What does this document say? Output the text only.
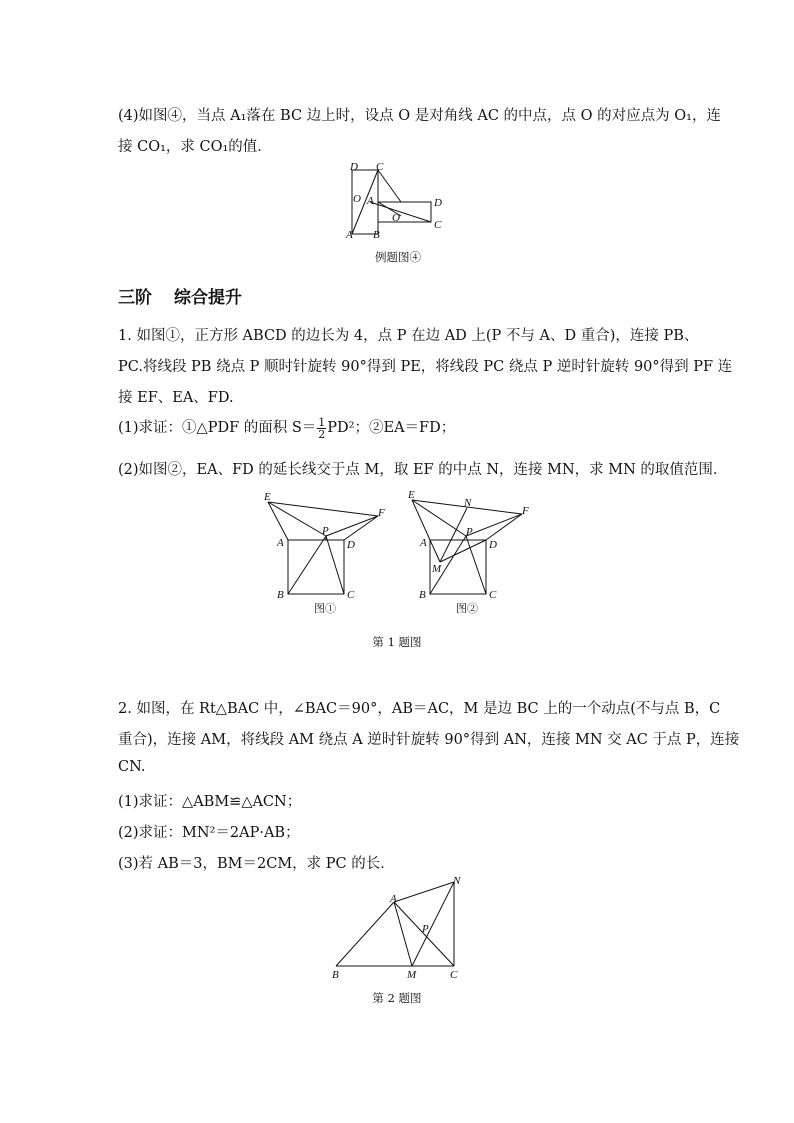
(4)如图④，当点 A₁落在 BC 边上时，设点 O 是对角线 AC 的中点，点 O 的对应点为 O₁，连
接 CO₁，求 CO₁的值．
D C
O A
A
O
B
D
C
例题图④
三阶 综合提升
1. 如图①，正方形 ABCD 的边长为 4，点 P 在边 AD 上(P 不与 A、D 重合)，连接 PB、
PC.将线段 PB 绕点 P 顺时针旋转 90°得到 PE，将线段 PC 绕点 P 逆时针旋转 90°得到 PF 连
接 EF、EA、FD.
(1)求证：①△PDF 的面积 $S= \frac{1}{2} PD^2$；②EA＝FD；
(2)如图②，EA、FD 的延长线交于点 M，取 EF 的中点 N，连接 MN，求 MN 的取值范围．
E
F
P
A	D
B	C
图①
E
N
F
P
A	D
M
B	C
图②
第 1 题图
2. 如图，在 Rt△BAC 中，∠BAC＝90°，AB＝AC，M 是边 BC 上的一个动点(不与点 B，C
重合)，连接 AM，将线段 AM 绕点 A 逆时针旋转 90°得到 AN，连接 MN 交 AC 于点 P，连接
CN.
(1)求证：△ABM≌△ACN；
(2)求证：MN²＝2AP·AB；
(3)若 AB＝3，BM＝2CM，求 PC 的长．
A
N
P
B	M	C
第 2 题图
